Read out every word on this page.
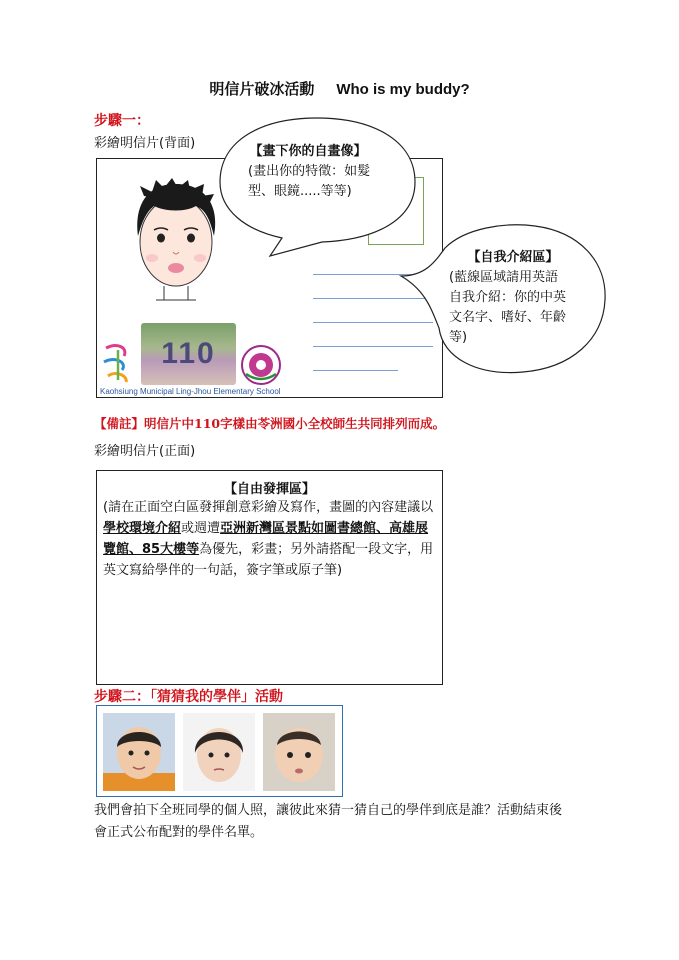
明信片破冰活動 Who is my buddy?
步驟一：
彩繪明信片(背面)
110
Kaohsiung Municipal Ling-Jhou Elementary School
【畫下你的自畫像】
(畫出你的特徵：如髮
型、眼鏡.....等等)
【自我介紹區】
(藍線區域請用英語
自我介紹：你的中英
文名字、嗜好、年齡
等)
【備註】明信片中110字樣由苓洲國小全校師生共同排列而成。
彩繪明信片(正面)
【自由發揮區】
(請在正面空白區發揮創意彩繪及寫作，畫圖的內容建議以學校環境介紹或週遭亞洲新灣區景點如圖書總館、高雄展覽館、85大樓等為優先，彩畫；另外請搭配一段文字，用英文寫給學伴的一句話，簽字筆或原子筆)
步驟二：「猜猜我的學伴」活動
我們會拍下全班同學的個人照，讓彼此來猜一猜自己的學伴到底是誰？活動結束後
會正式公布配對的學伴名單。
